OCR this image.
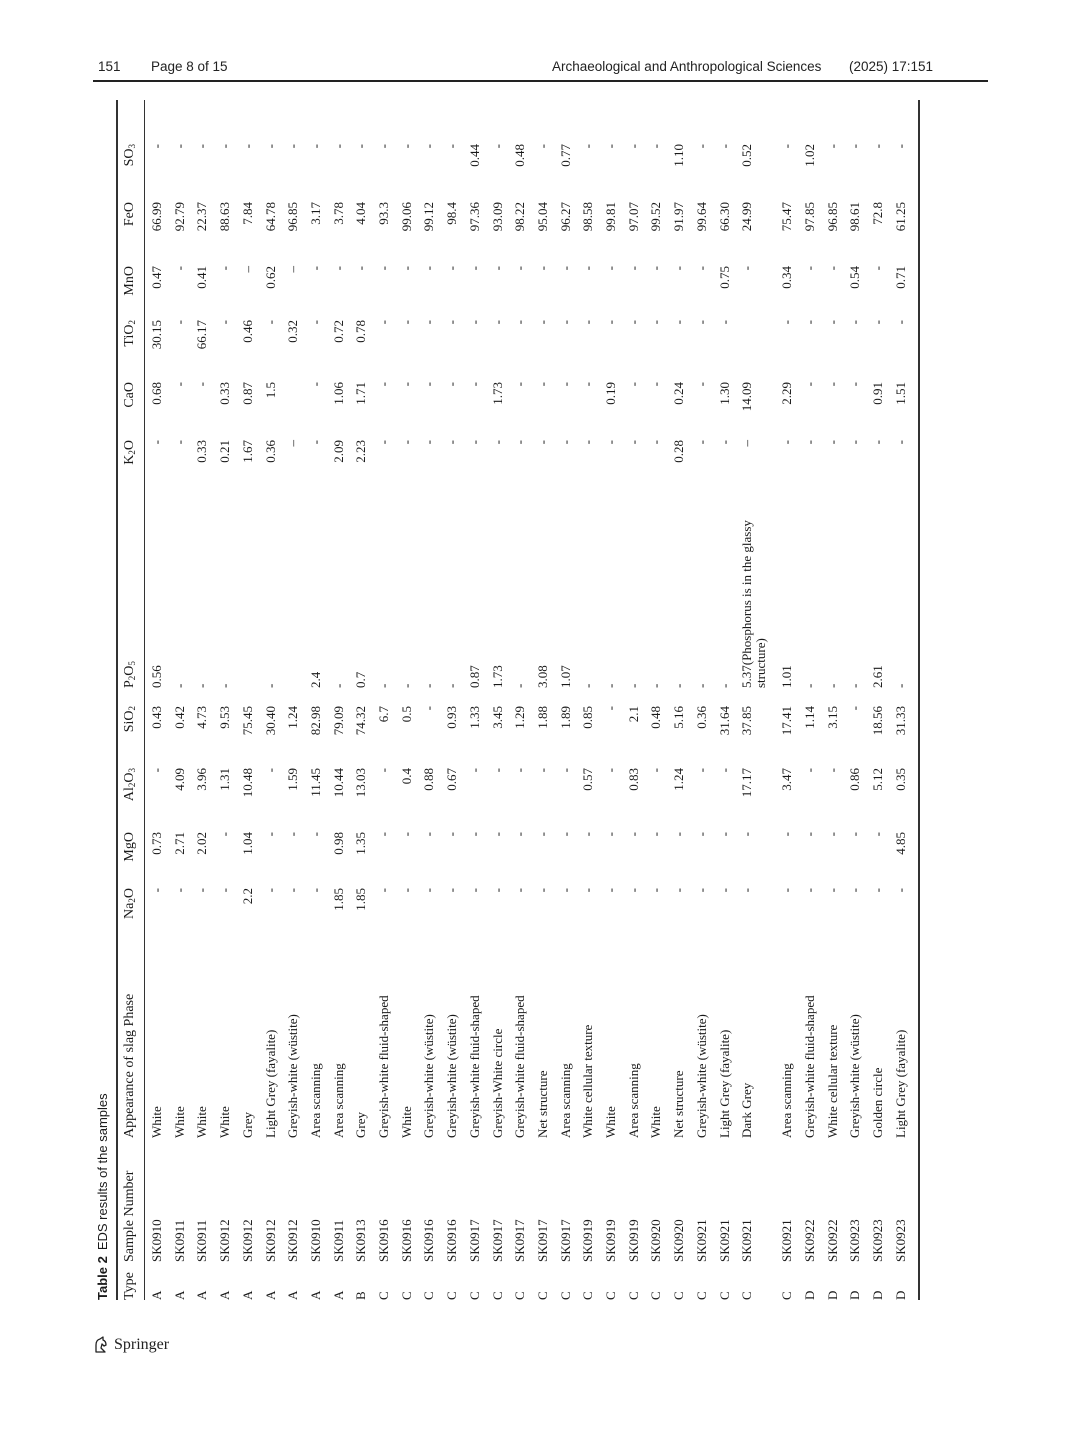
151 Page 8 of 15	Archaeological and Anthropological Sciences (2025) 17:151
Table 2EDS results of the samples
Type
Sample Number
Appearance of slag Phase
$Na_2O$
MgO
$Al_2O_3$
SiO$_2$
$P_2O_5$
$K_2O$
CaO
TiO$_2$
MnO
FeO
$SO_3$
A
SK0910
White
-
0.73
-
0.43
0.56
-
0.68
30.15
0.47
66.99
-
A
SK0911
White
-
2.71
4.09
0.42
-
-
-
-
-
92.79
-
A
SK0911
White
-
2.02
3.96
4.73
-
0.33
-
66.17
0.41
22.37
-
A
SK0912
White
-
-
1.31
9.53
-
0.21
0.33
-
-
88.63
-
A
SK0912
Grey
2.2
1.04
10.48
75.45
1.67
0.87
0.46
–
7.84
-
A
SK0912
Light Grey (fayalite)
-
-
-
30.40
-
0.36
1.5
-
0.62
64.78
-
A
SK0912
Greyish-white (wüstite)
-
-
1.59
1.24
–
0.32
–
96.85
-
A
SK0910
Area scanning
-
-
11.45
82.98
2.4
-
-
-
-
3.17
-
A
SK0911
Area scanning
1.85
0.98
10.44
79.09
-
2.09
1.06
0.72
-
3.78
-
B
SK0913
Grey
1.85
1.35
13.03
74.32
0.7
2.23
1.71
0.78
-
4.04
-
C
SK0916
Greyish-white fluid-shaped
-
-
-
6.7
-
-
-
-
-
93.3
-
C
SK0916
White
-
-
0.4
0.5
-
-
-
-
-
99.06
-
C
SK0916
Greyish-white (wüstite)
-
-
0.88
-
-
-
-
-
-
99.12
-
C
SK0916
Greyish-white (wüstite)
-
-
0.67
0.93
-
-
-
-
-
98.4
-
C
SK0917
Greyish-white fluid-shaped
-
-
-
1.33
0.87
-
-
-
-
97.36
0.44
C
SK0917
Greyish-White circle
-
-
-
3.45
1.73
-
1.73
-
-
93.09
-
C
SK0917
Greyish-white fluid-shaped
-
-
-
1.29
-
-
-
-
-
98.22
0.48
C
SK0917
Net structure
-
-
-
1.88
3.08
-
-
-
-
95.04
-
C
SK0917
Area scanning
-
-
-
1.89
1.07
-
-
-
-
96.27
0.77
C
SK0919
White cellular texture
-
-
0.57
0.85
-
-
-
-
-
98.58
-
C
SK0919
White
-
-
-
-
-
-
0.19
-
-
99.81
-
C
SK0919
Area scanning
-
-
0.83
2.1
-
-
-
-
-
97.07
-
C
SK0920
White
-
-
-
0.48
-
-
-
-
-
99.52
-
C
SK0920
Net structure
-
-
1.24
5.16
-
0.28
0.24
-
-
91.97
1.10
C
SK0921
Greyish-white (wüstite)
-
-
-
0.36
-
-
-
-
-
99.64
-
C
SK0921
Light Grey (fayalite)
-
-
-
31.64
-
-
1.30
-
0.75
66.30
-
C
SK0921
Dark Grey
-
-
17.17
37.85
5.37(Phosphorus is in the glassy structure)
–
14.09
-
24.99
0.52
C
SK0921
Area scanning
-
-
3.47
17.41
1.01
-
2.29
-
0.34
75.47
-
D
SK0922
Greyish-white fluid-shaped
-
-
-
1.14
-
-
-
-
-
97.85
1.02
D
SK0922
White cellular texture
-
-
-
3.15
-
-
-
-
-
96.85
-
D
SK0923
Greyish-white (wüstite)
-
-
0.86
-
-
-
-
-
0.54
98.61
-
D
SK0923
Golden circle
-
-
5.12
18.56
2.61
-
0.91
-
-
72.8
-
D
SK0923
Light Grey (fayalite)
-
4.85
0.35
31.33
-
-
1.51
-
0.71
61.25
-
Springer
